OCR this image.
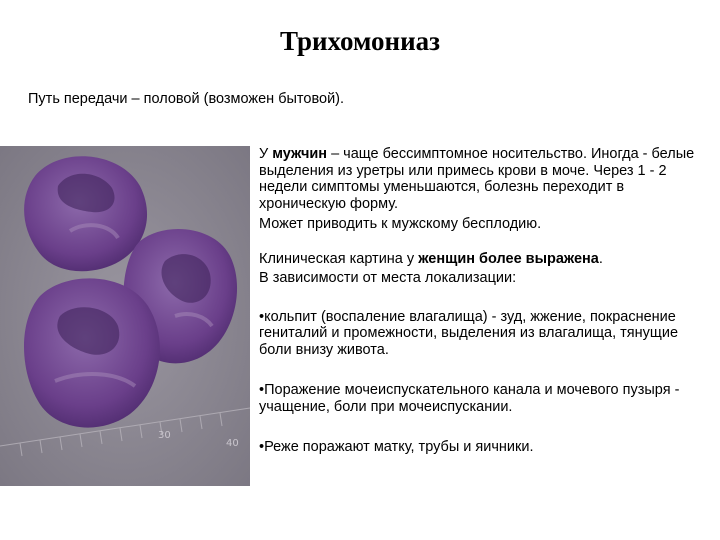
Трихомониаз
Путь передачи – половой (возможен бытовой).
30
40

У мужчин – чаще бессимптомное носительство. Иногда - белые выделения из уретры или примесь крови в моче. Через 1 - 2 недели симптомы уменьшаются, болезнь переходит в хроническую форму.

Может приводить к мужскому бесплодию.

Клиническая картина у женщин более выражена.

В зависимости от места локализации:

•кольпит (воспаление влагалища) - зуд, жжение, покраснение гениталий и промежности, выделения из влагалища, тянущие боли внизу живота.

•Поражение мочеиспускательного канала и мочевого пузыря - учащение, боли при мочеиспускании.

•Реже поражают матку, трубы и яичники.
